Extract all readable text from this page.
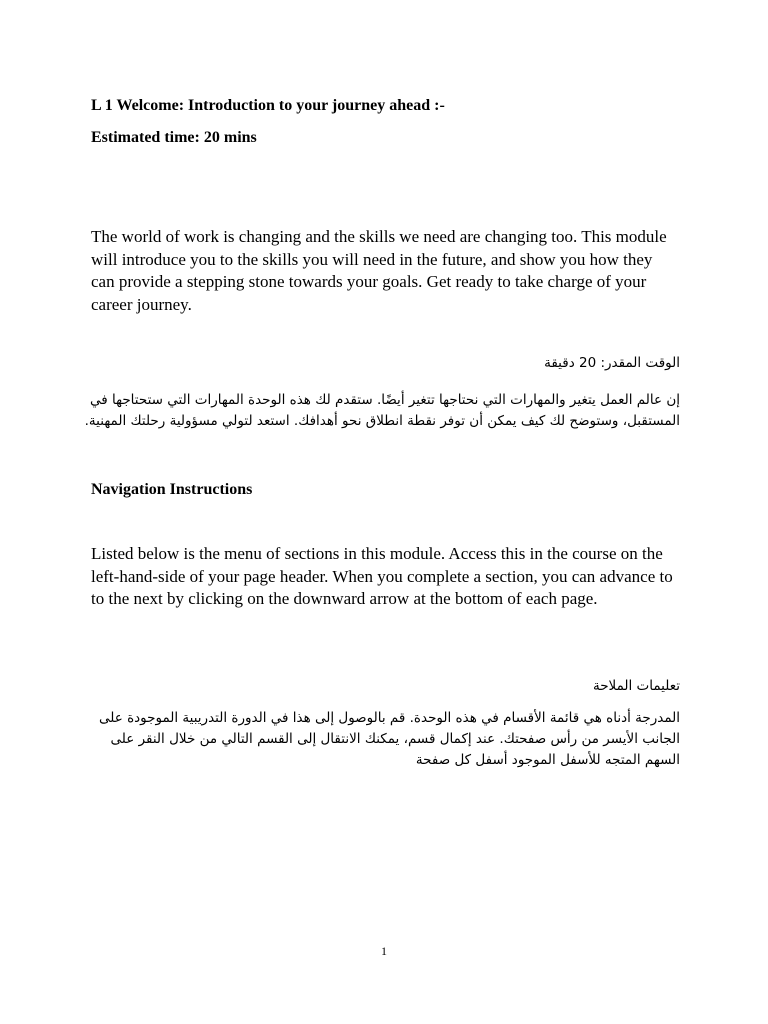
L 1 Welcome: Introduction to your journey ahead :-
Estimated time: 20 mins
The world of work is changing and the skills we need are changing too. This module will introduce you to the skills you will need in the future, and show you how they can provide a stepping stone towards your goals. Get ready to take charge of your career journey.
الوقت المقدر: 20 دقيقة
إن عالم العمل يتغير والمهارات التي نحتاجها تتغير أيضًا. ستقدم لك هذه الوحدة المهارات التي ستحتاجها في المستقبل، وستوضح لك كيف يمكن أن توفر نقطة انطلاق نحو أهدافك. استعد لتولي مسؤولية رحلتك المهنية.
Navigation Instructions
Listed below is the menu of sections in this module. Access this in the course on the left-hand-side of your page header. When you complete a section, you can advance to to the next by clicking on the downward arrow at the bottom of each page.
تعليمات الملاحة
المدرجة أدناه هي قائمة الأقسام في هذه الوحدة. قم بالوصول إلى هذا في الدورة التدريبية الموجودة على الجانب الأيسر من رأس صفحتك. عند إكمال قسم، يمكنك الانتقال إلى القسم التالي من خلال النقر على السهم المتجه للأسفل الموجود أسفل كل صفحة
1
